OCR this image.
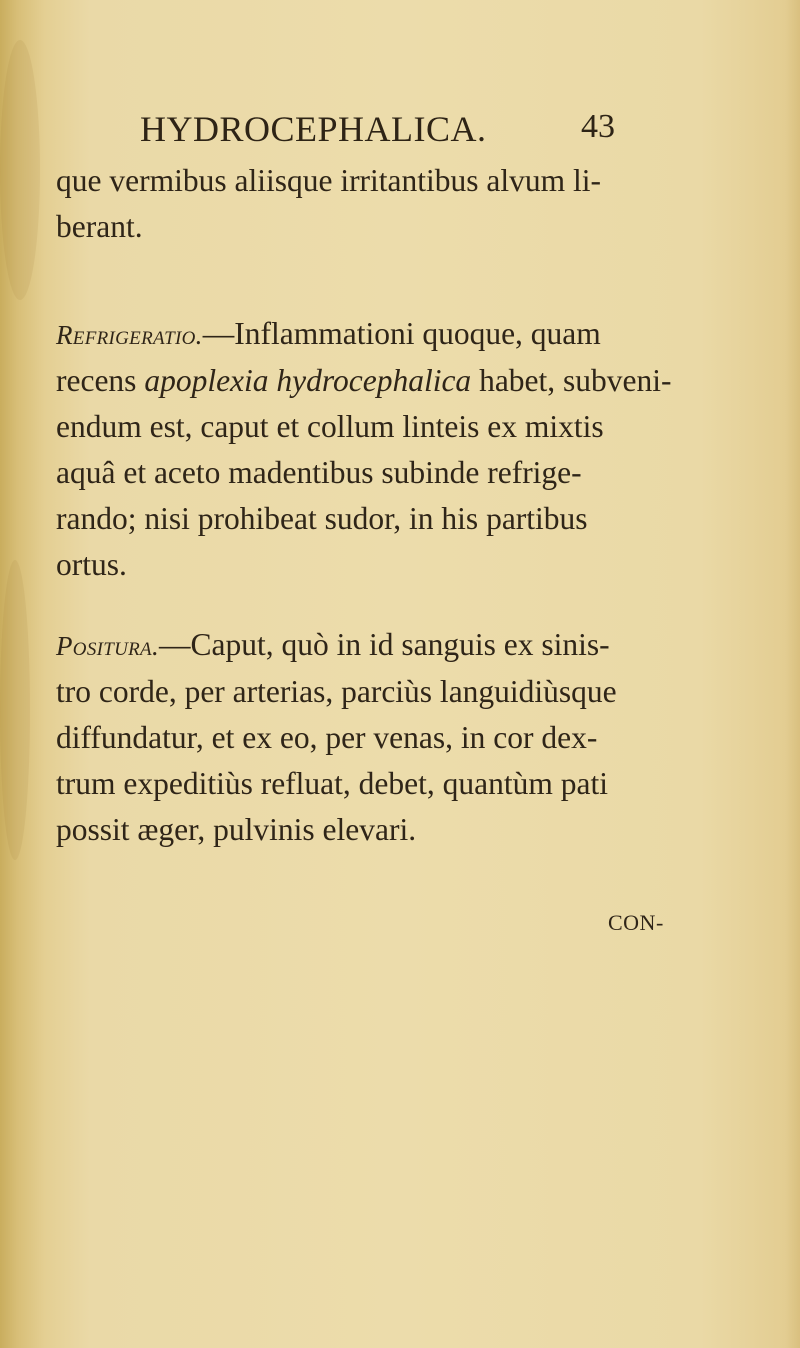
HYDROCEPHALICA.	43
que vermibus aliisque irritantibus alvum li-
berant.
Refrigeratio.—Inflammationi quoque, quam
recens apoplexia hydrocephalica habet, subveni-
endum est, caput et collum linteis ex mixtis
aquâ et aceto madentibus subinde refrige-
rando; nisi prohibeat sudor, in his partibus
ortus.
Positura.—Caput, quò in id sanguis ex sinis-
tro corde, per arterias, parciùs languidiùsque
diffundatur, et ex eo, per venas, in cor dex-
trum expeditiùs refluat, debet, quantùm pati
possit æger, pulvinis elevari.
CON-
